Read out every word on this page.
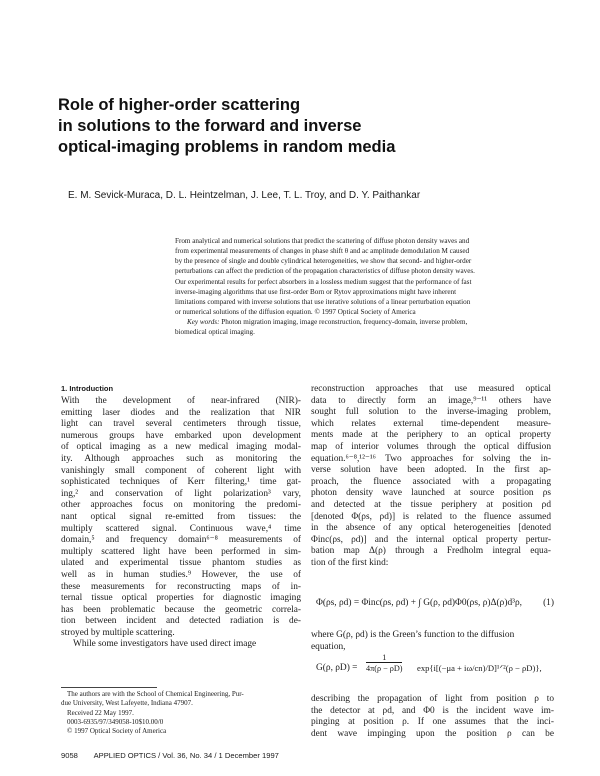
Role of higher-order scattering
in solutions to the forward and inverse
optical-imaging problems in random media
E. M. Sevick-Muraca, D. L. Heintzelman, J. Lee, T. L. Troy, and D. Y. Paithankar
From analytical and numerical solutions that predict the scattering of diffuse photon density waves and
from experimental measurements of changes in phase shift θ and ac amplitude demodulation M caused
by the presence of single and double cylindrical heterogeneities, we show that second- and higher-order
perturbations can affect the prediction of the propagation characteristics of diffuse photon density waves.
Our experimental results for perfect absorbers in a lossless medium suggest that the performance of fast
inverse-imaging algorithms that use first-order Born or Rytov approximations might have inherent
limitations compared with inverse solutions that use iterative solutions of a linear perturbation equation
or numerical solutions of the diffusion equation. © 1997 Optical Society of America
Key words: Photon migration imaging, image reconstruction, frequency-domain, inverse problem,
biomedical optical imaging.
1. Introduction
With the development of near-infrared (NIR)-
emitting laser diodes and the realization that NIR
light can travel several centimeters through tissue,
numerous groups have embarked upon development
of optical imaging as a new medical imaging modal-
ity. Although approaches such as monitoring the
vanishingly small component of coherent light with
sophisticated techniques of Kerr filtering,¹ time gat-
ing,² and conservation of light polarization³ vary,
other approaches focus on monitoring the predomi-
nant optical signal re-emitted from tissues: the
multiply scattered signal. Continuous wave,⁴ time
domain,⁵ and frequency domain⁶⁻⁸ measurements of
multiply scattered light have been performed in sim-
ulated and experimental tissue phantom studies as
well as in human studies.⁹ However, the use of
these measurements for reconstructing maps of in-
ternal tissue optical properties for diagnostic imaging
has been problematic because the geometric correla-
tion between incident and detected radiation is de-
stroyed by multiple scattering.
While some investigators have used direct image
reconstruction approaches that use measured optical
data to directly form an image,⁹⁻¹¹ others have
sought full solution to the inverse-imaging problem,
which relates external time-dependent measure-
ments made at the periphery to an optical property
map of interior volumes through the optical diffusion
equation.⁶⁻⁸,¹²⁻¹⁶ Two approaches for solving the in-
verse solution have been adopted. In the first ap-
proach, the fluence associated with a propagating
photon density wave launched at source position ρs
and detected at the tissue periphery at position ρd
[denoted Φ(ρs, ρd)] is related to the fluence assumed
in the absence of any optical heterogeneities [denoted
Φinc(ρs, ρd)] and the internal optical property pertur-
bation map Δ(ρ) through a Fredholm integral equa-
tion of the first kind:
Φ(ρs, ρd) = Φinc(ρs, ρd) + ∫ G(ρ, ρd)Φ0(ρs, ρ)Δ(ρ)d³ρ, (1)
where G(ρ, ρd) is the Green’s function to the diffusion
equation,
G(ρ, $\rho D) = \frac{1}{4\pi(\rho - \rho D)} \exp\{i[(-\mu a$ + iω/cn)/D]¹ᐟ²(ρ − ρD)},
describing the propagation of light from position ρ to
the detector at ρd, and Φ0 is the incident wave im-
pinging at position ρ. If one assumes that the inci-
dent wave impinging upon the position ρ can be
The authors are with the School of Chemical Engineering, Pur-
due University, West Lafeyette, Indiana 47907.
Received 22 May 1997.
0003-6935/97/349058-10$10.00/0
© 1997 Optical Society of America
9058 APPLIED OPTICS / Vol. 36, No. 34 / 1 December 1997
